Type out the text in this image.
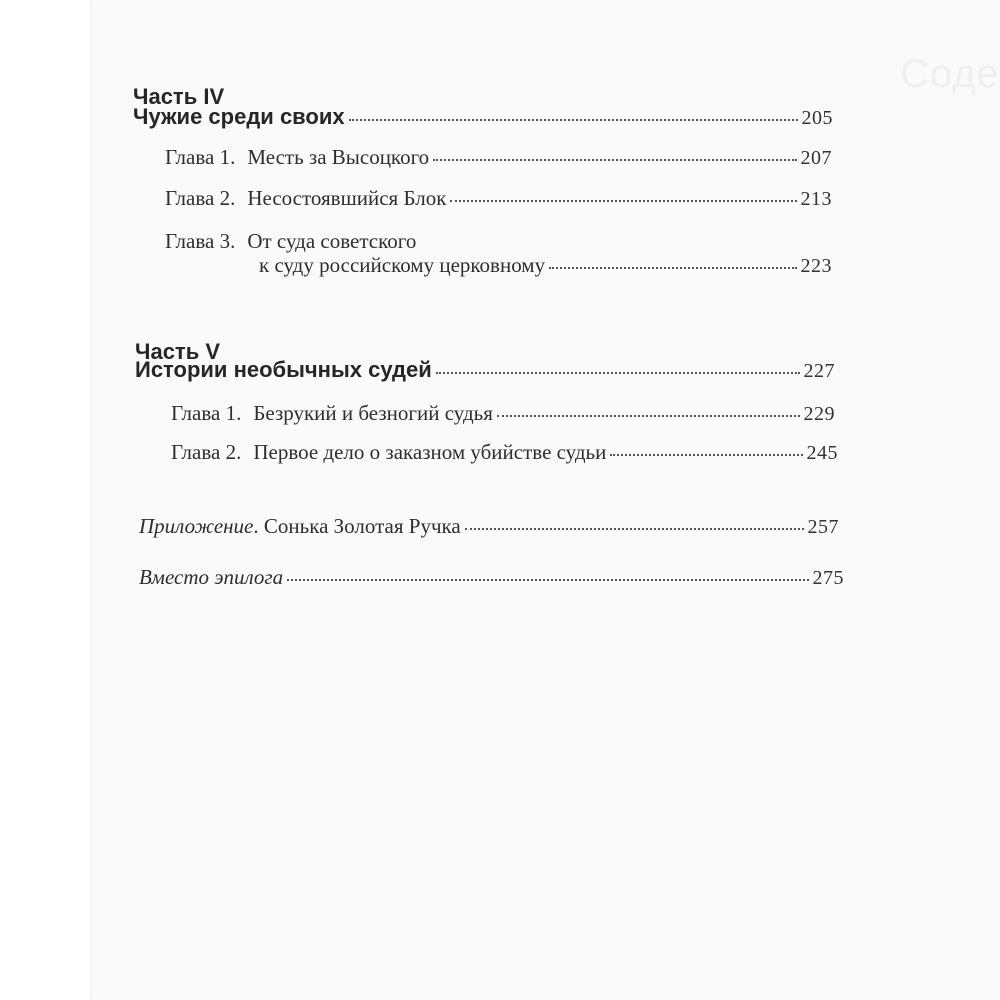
Часть IV
Чужие среди своих	205
Глава 1. Месть за Высоцкого	207
Глава 2. Несостоявшийся Блок	213
Глава 3. От суда советского
к суду российскому церковному	223
Часть V
Истории необычных судей	227
Глава 1. Безрукий и безногий судья	229
Глава 2. Первое дело о заказном убийстве судьи	245
Приложение . Сонька Золотая Ручка	257
Вместо эпилога	275
